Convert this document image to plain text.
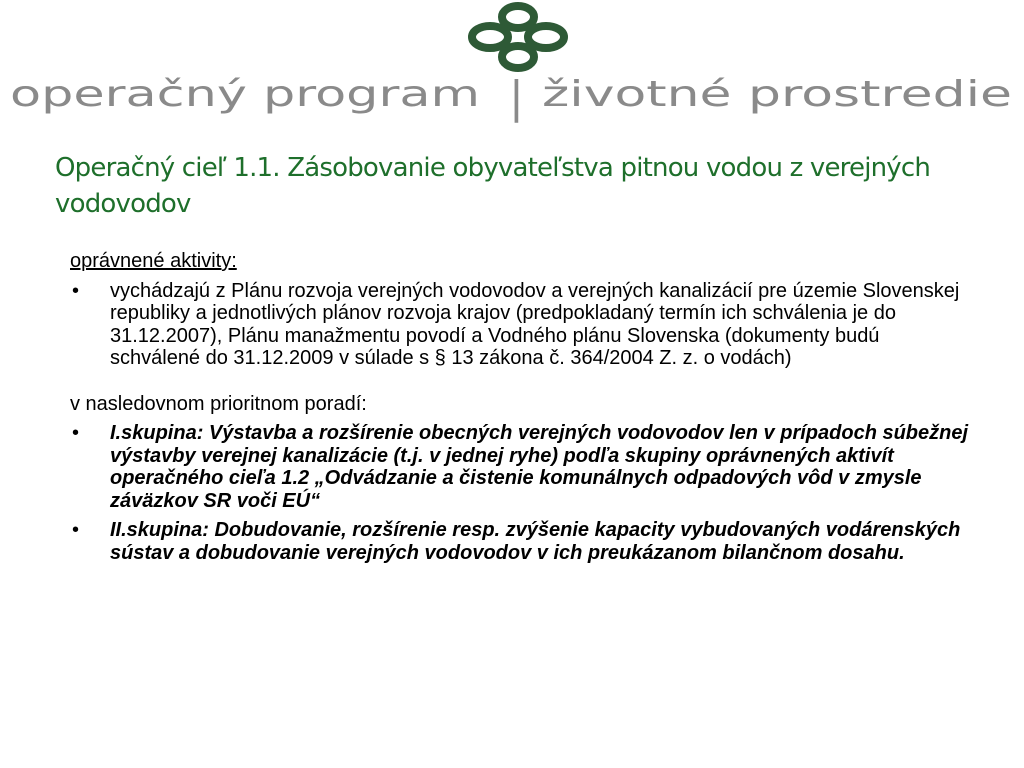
operačný program | životné prostredie
Operačný cieľ 1.1. Zásobovanie obyvateľstva pitnou vodou z verejných vodovodov

oprávnené aktivity:

• vychádzajú z Plánu rozvoja verejných vodovodov a verejných kanalizácií pre územie Slovenskej republiky a jednotlivých plánov rozvoja krajov (predpokladaný termín ich schválenia je do 31.12.2007), Plánu manažmentu povodí a Vodného plánu Slovenska (dokumenty budú schválené do 31.12.2009 v súlade s § 13 zákona č. 364/2004 Z. z. o vodách)

v nasledovnom prioritnom poradí:

• I.skupina: Výstavba a rozšírenie obecných verejných vodovodov len v prípadoch súbežnej výstavby verejnej kanalizácie (t.j. v jednej ryhe) podľa skupiny oprávnených aktivít operačného cieľa 1.2 „Odvádzanie a čistenie komunálnych odpadových vôd v zmysle záväzkov SR voči EÚ“
• II.skupina: Dobudovanie, rozšírenie resp. zvýšenie kapacity vybudovaných vodárenských sústav a dobudovanie verejných vodovodov v ich preukázanom bilančnom dosahu.
